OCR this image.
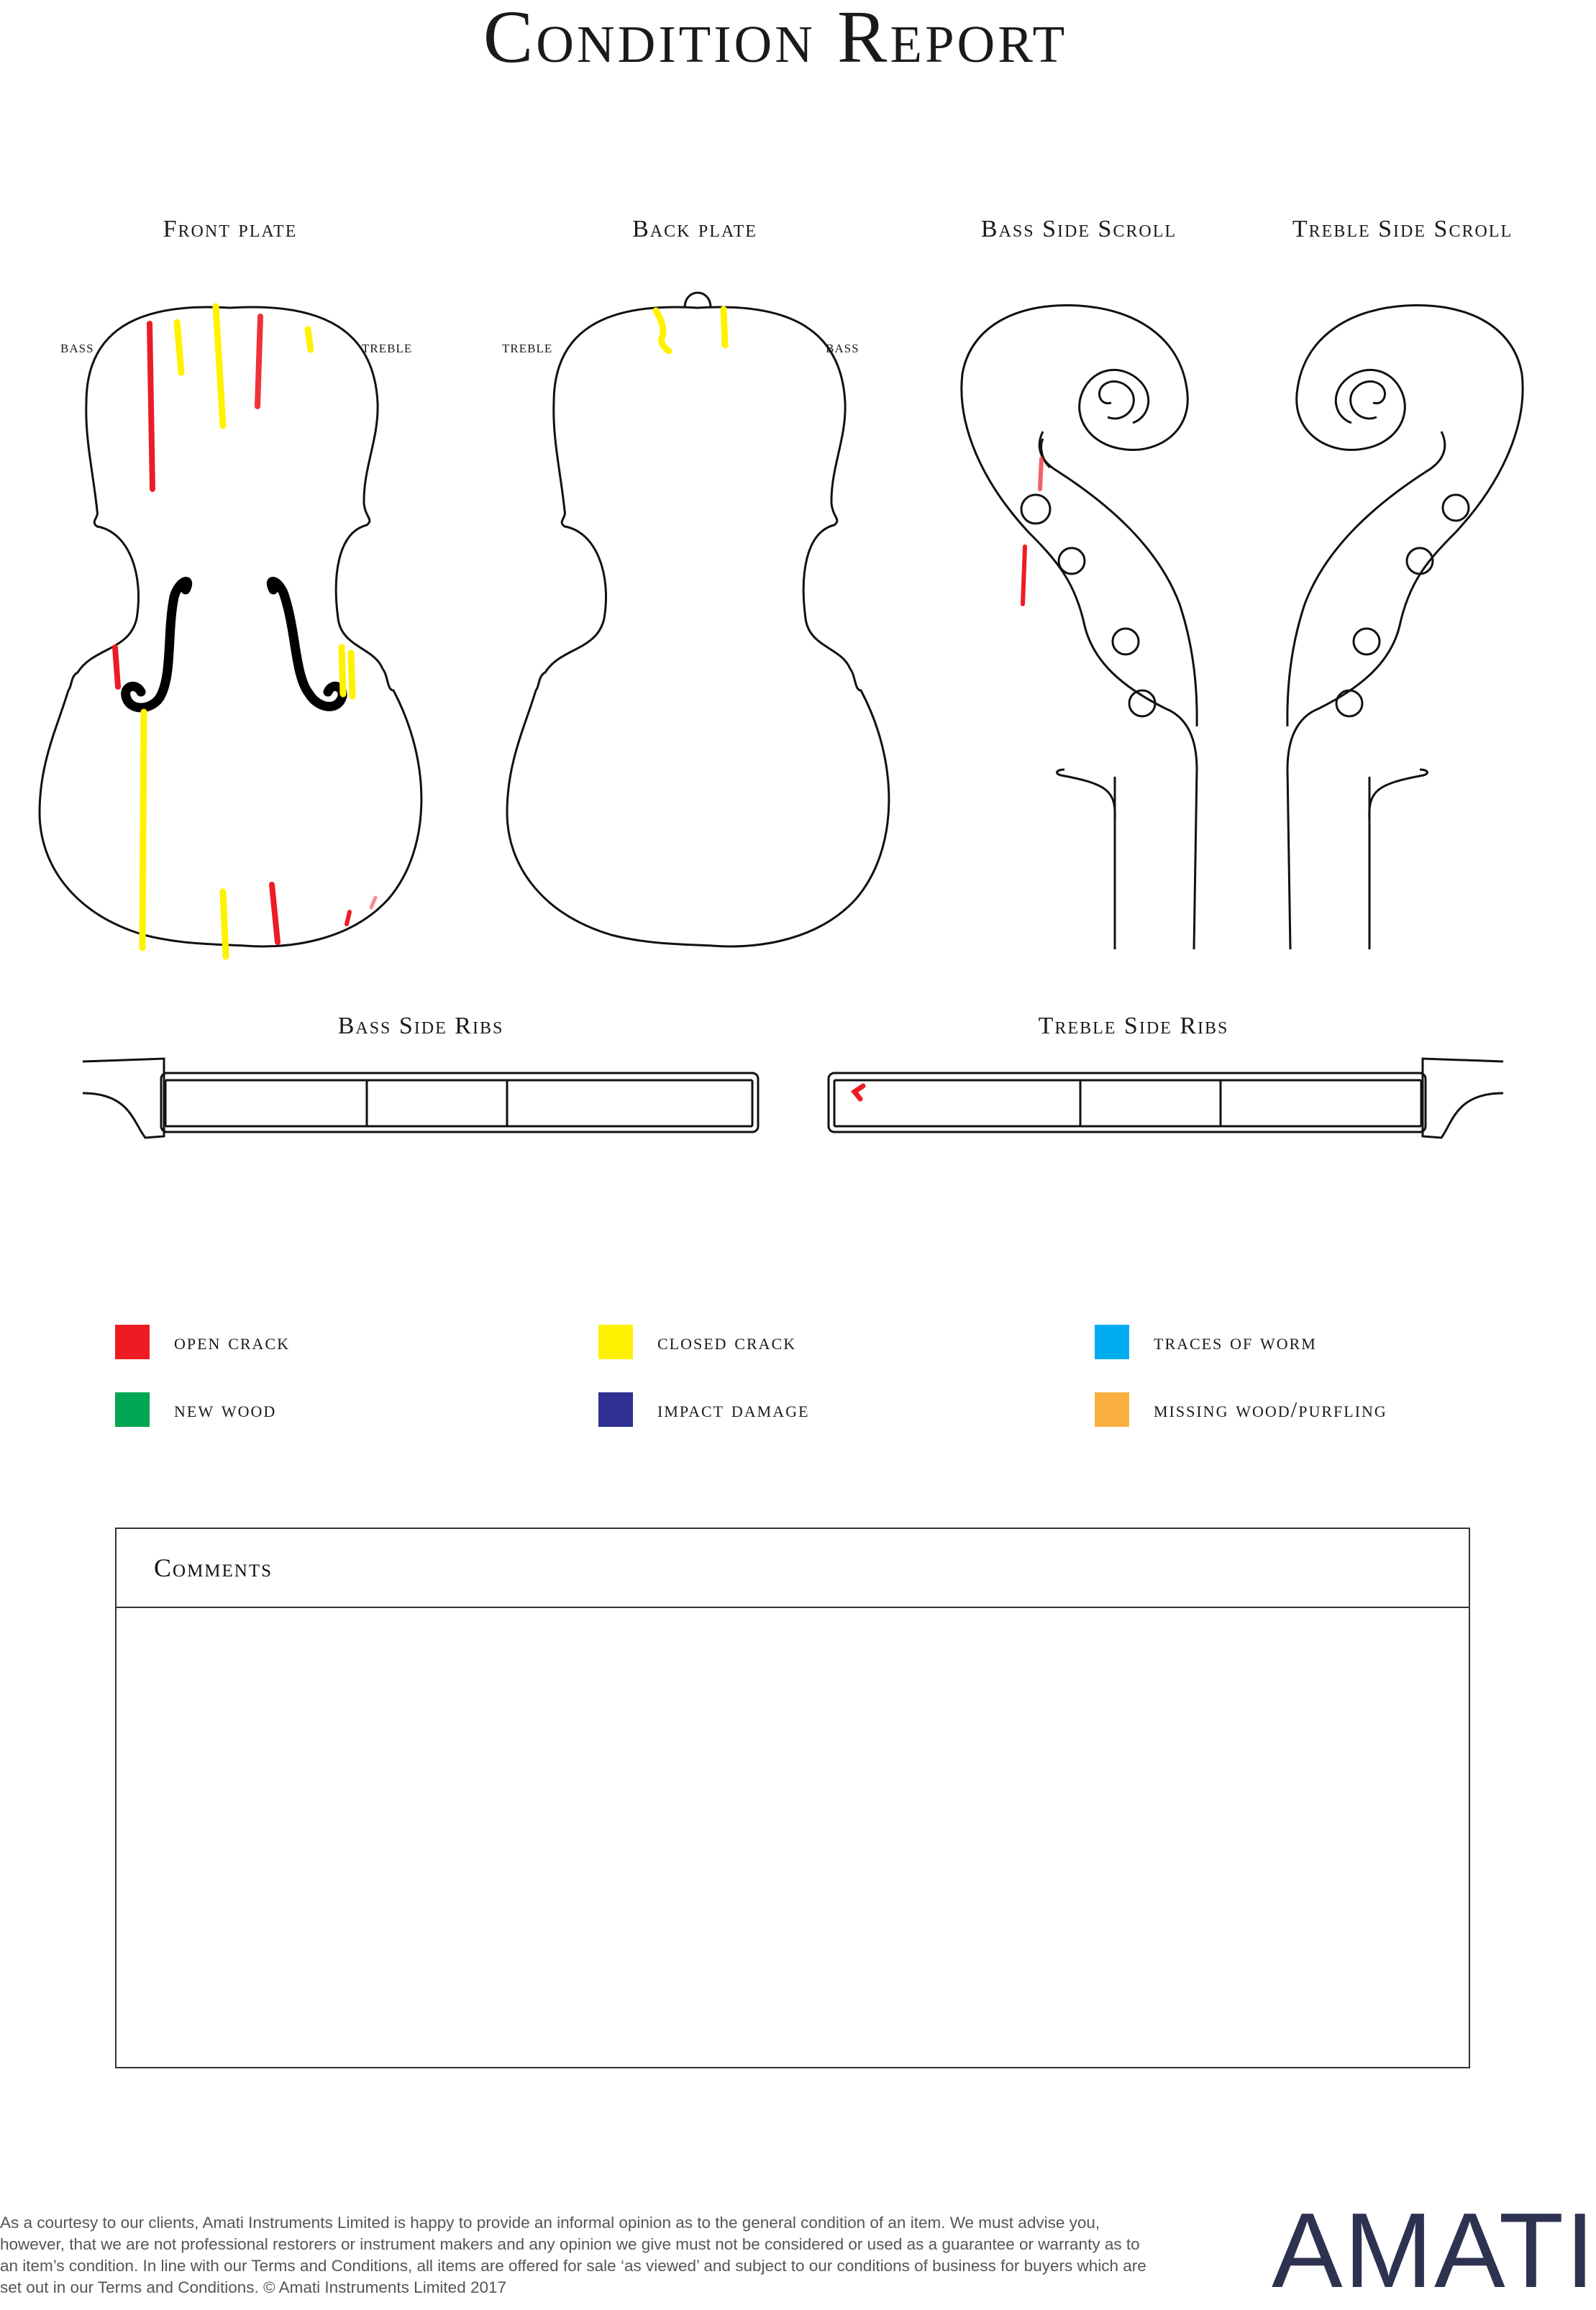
Condition Report
Front plate	Back plate	Bass Side Scroll	Treble Side Scroll
Bass Side Ribs	Treble Side Ribs
bass	treble	treble	bass
open crack	closed crack	traces of worm
new wood	impact damage	missing wood/purfling
Comments
As a courtesy to our clients, Amati Instruments Limited is happy to provide an informal opinion as to the general condition of an item. We must advise you, however, that we are not professional restorers or instrument makers and any opinion we give must not be considered or used as a guarantee or warranty as to an item’s condition. In line with our Terms and Conditions, all items are offered for sale ‘as viewed’ and subject to our conditions of business for buyers which are set out in our Terms and Conditions. © Amati Instruments Limited 2017	AMATI
